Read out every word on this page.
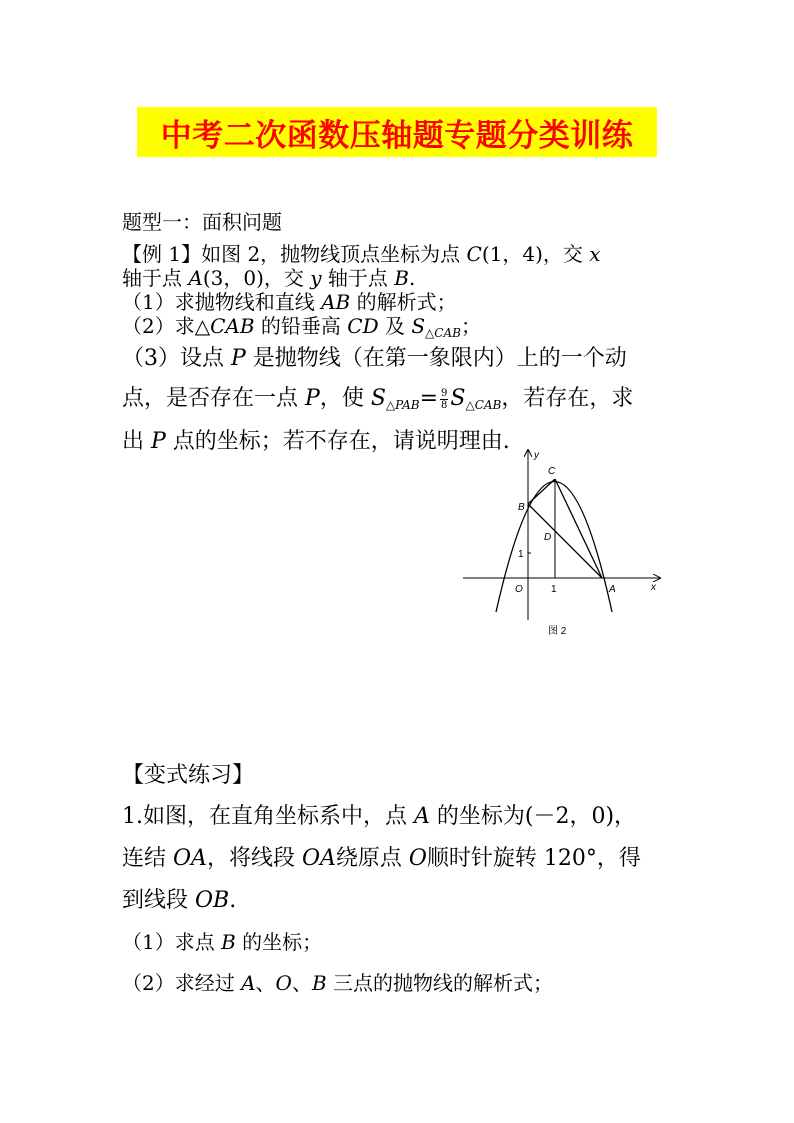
中考二次函数压轴题专题分类训练
题型一：面积问题
【例 1】如图 2，抛物线顶点坐标为点 C(1，4)，交 x
轴于点 A(3，0)，交 y 轴于点 B.
（1）求抛物线和直线 AB 的解析式；
（2）求△CAB 的铅垂高 CD 及 $S_{\triangle CAB}$；
（3）设点 P 是抛物线（在第一象限内）上的一个动
点，是否存在一点 P，使 $S_{\triangle PAB}= \frac{9}{8} S_{\triangle CAB}$，若存在，求
出 P 点的坐标；若不存在，请说明理由.
y
x
C
B
D
O	A
1
1
图 2
【变式练习】
1.如图，在直角坐标系中，点 A 的坐标为(－2，0)，
连结 OA，将线段 OA绕原点 O顺时针旋转 120°，得
到线段 OB.
（1）求点 B 的坐标；
（2）求经过 A、O、B 三点的抛物线的解析式；
